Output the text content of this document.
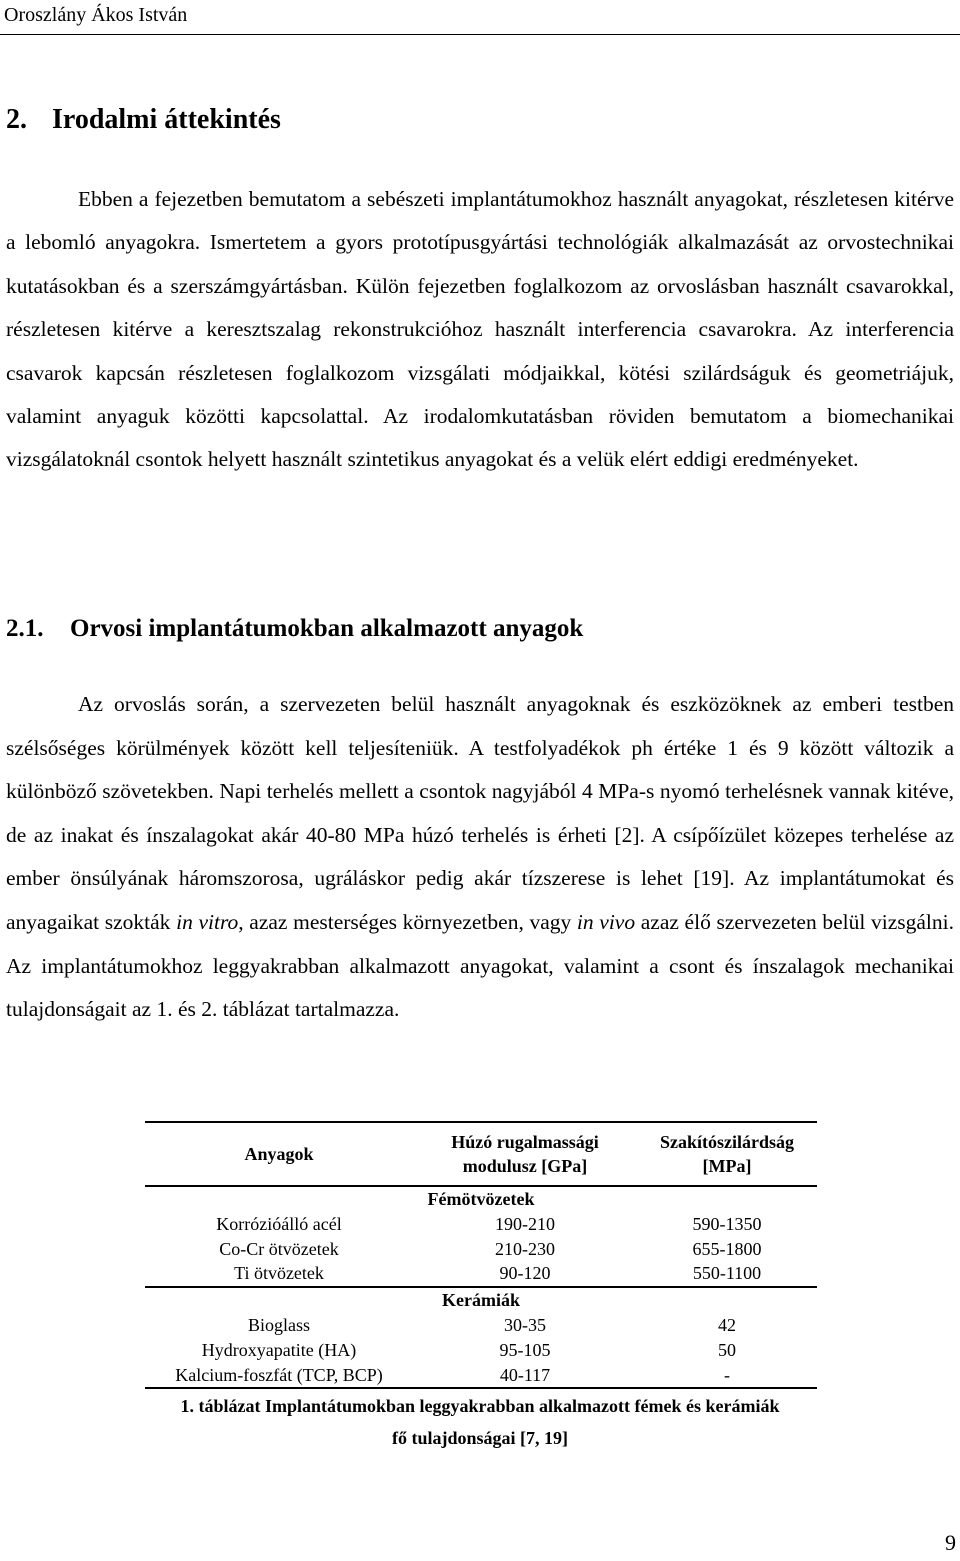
Oroszlány Ákos István
2. Irodalmi áttekintés

Ebben a fejezetben bemutatom a sebészeti implantátumokhoz használt anyagokat, részletesen kitérve a lebomló anyagokra. Ismertetem a gyors prototípusgyártási technológiák alkalmazását az orvostechnikai kutatásokban és a szerszámgyártásban. Külön fejezetben foglalkozom az orvoslásban használt csavarokkal, részletesen kitérve a keresztszalag rekonstrukcióhoz használt interferencia csavarokra. Az interferencia csavarok kapcsán részletesen foglalkozom vizsgálati módjaikkal, kötési szilárdságuk és geometriájuk, valamint anyaguk közötti kapcsolattal. Az irodalomkutatásban röviden bemutatom a biomechanikai vizsgálatoknál csontok helyett használt szintetikus anyagokat és a velük elért eddigi eredményeket.

2.1. Orvosi implantátumokban alkalmazott anyagok

Az orvoslás során, a szervezeten belül használt anyagoknak és eszközöknek az emberi testben szélsőséges körülmények között kell teljesíteniük. A testfolyadékok ph értéke 1 és 9 között változik a különböző szövetekben. Napi terhelés mellett a csontok nagyjából 4 MPa-s nyomó terhelésnek vannak kitéve, de az inakat és ínszalagokat akár 40-80 MPa húzó terhelés is érheti [2]. A csípőízület közepes terhelése az ember önsúlyának háromszorosa, ugráláskor pedig akár tízszerese is lehet [19]. Az implantátumokat és anyagaikat szokták in vitro, azaz mesterséges környezetben, vagy in vivo azaz élő szervezeten belül vizsgálni. Az implantátumokhoz leggyakrabban alkalmazott anyagokat, valamint a csont és ínszalagok mechanikai tulajdonságait az 1. és 2. táblázat tartalmazza.

Anyagok	Húzó rugalmassági modulusz [GPa]	Szakítószilárdság [MPa]
Fémötvözetek		
Korrózióálló acél	190-210	590-1350
Co-Cr ötvözetek	210-230	655-1800
Ti ötvözetek	90-120	550-1100
Kerámiák		
Bioglass	30-35	42
Hydroxyapatite (HA)	95-105	50
Kalcium-foszfát (TCP, BCP)	40-117	-
1. táblázat Implantátumokban leggyakrabban alkalmazott fémek és kerámiák
fő tulajdonságai [7, 19]
9
